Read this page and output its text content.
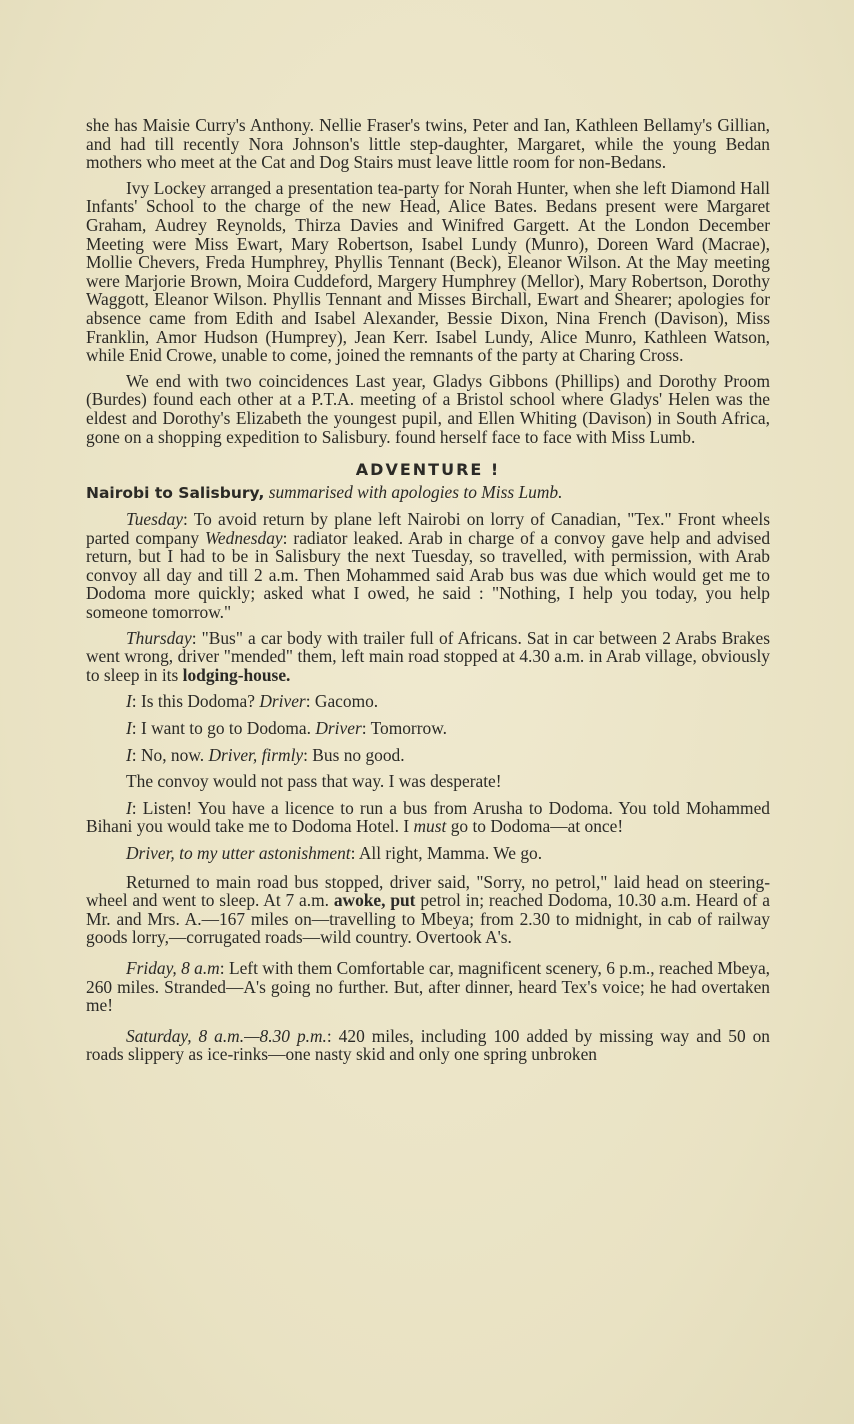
she has Maisie Curry's Anthony. Nellie Fraser's twins, Peter and Ian, Kathleen Bellamy's Gillian, and had till recently Nora Johnson's little step-daughter, Margaret, while the young Bedan mothers who meet at the Cat and Dog Stairs must leave little room for non-Bedans.

Ivy Lockey arranged a presentation tea-party for Norah Hunter, when she left Diamond Hall Infants' School to the charge of the new Head, Alice Bates. Bedans present were Margaret Graham, Audrey Reynolds, Thirza Davies and Winifred Gargett. At the London December Meeting were Miss Ewart, Mary Robertson, Isabel Lundy (Munro), Doreen Ward (Macrae), Mollie Chevers, Freda Humphrey, Phyllis Tennant (Beck), Eleanor Wilson. At the May meeting were Marjorie Brown, Moira Cuddeford, Margery Humphrey (Mellor), Mary Robertson, Dorothy Waggott, Eleanor Wilson. Phyllis Tennant and Misses Birchall, Ewart and Shearer; apologies for absence came from Edith and Isabel Alexander, Bessie Dixon, Nina French (Davison), Miss Franklin, Amor Hudson (Humprey), Jean Kerr. Isabel Lundy, Alice Munro, Kathleen Watson, while Enid Crowe, unable to come, joined the remnants of the party at Charing Cross.

We end with two coincidences Last year, Gladys Gibbons (Phillips) and Dorothy Proom (Burdes) found each other at a P.T.A. meeting of a Bristol school where Gladys' Helen was the eldest and Dorothy's Elizabeth the youngest pupil, and Ellen Whiting (Davison) in South Africa, gone on a shopping expedition to Salisbury. found herself face to face with Miss Lumb.

ADVENTURE !

Nairobi to Salisbury, summarised with apologies to Miss Lumb.

Tuesday: To avoid return by plane left Nairobi on lorry of Canadian, "Tex." Front wheels parted company Wednesday: radiator leaked. Arab in charge of a convoy gave help and advised return, but I had to be in Salisbury the next Tuesday, so travelled, with permission, with Arab convoy all day and till 2 a.m. Then Mohammed said Arab bus was due which would get me to Dodoma more quickly; asked what I owed, he said : "Nothing, I help you today, you help someone tomorrow."

Thursday: "Bus" a car body with trailer full of Africans. Sat in car between 2 Arabs Brakes went wrong, driver "mended" them, left main road stopped at 4.30 a.m. in Arab village, obviously to sleep in its lodging-house.

I: Is this Dodoma? Driver: Gacomo.

I: I want to go to Dodoma. Driver: Tomorrow.

I: No, now. Driver, firmly: Bus no good.

The convoy would not pass that way. I was desperate!

I: Listen! You have a licence to run a bus from Arusha to Dodoma. You told Mohammed Bihani you would take me to Dodoma Hotel. I must go to Dodoma—at once!

Driver, to my utter astonishment: All right, Mamma. We go.

Returned to main road bus stopped, driver said, "Sorry, no petrol," laid head on steering-wheel and went to sleep. At 7 a.m. awoke, put petrol in; reached Dodoma, 10.30 a.m. Heard of a Mr. and Mrs. A.—167 miles on—travelling to Mbeya; from 2.30 to midnight, in cab of railway goods lorry,—corrugated roads—wild country. Overtook A's.

Friday, 8 a.m: Left with them Comfortable car, magnificent scenery, 6 p.m., reached Mbeya, 260 miles. Stranded—A's going no further. But, after dinner, heard Tex's voice; he had overtaken me!

Saturday, 8 a.m.—8.30 p.m.: 420 miles, including 100 added by missing way and 50 on roads slippery as ice-rinks—one nasty skid and only one spring unbroken
